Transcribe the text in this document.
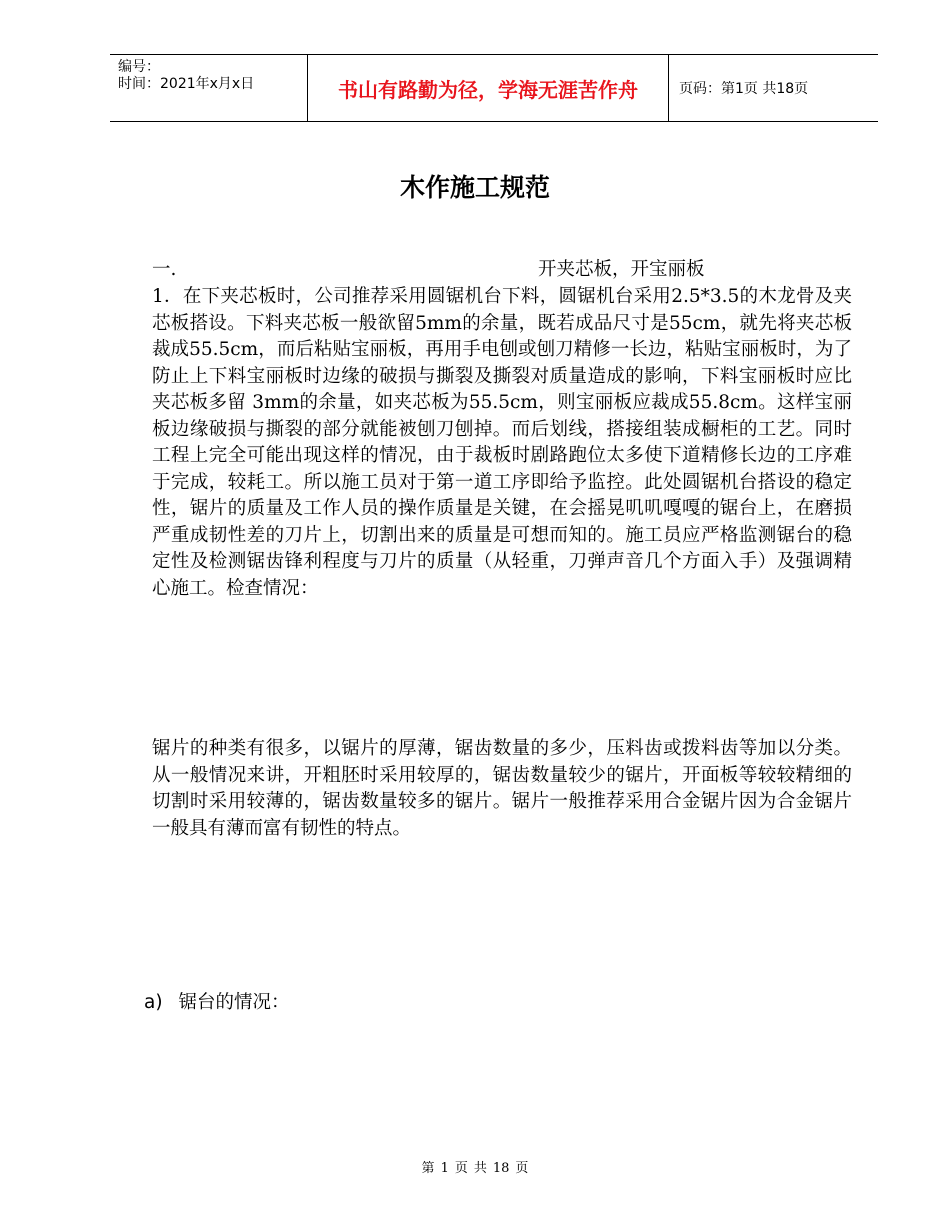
编号：
时间：2021年x月x日	书山有路勤为径，学海无涯苦作舟	页码：第1页 共18页
木作施工规范
一.	开夹芯板，开宝丽板

1．在下夹芯板时，公司推荐采用圆锯机台下料，圆锯机台采用2.5*3.5的木龙骨及夹芯板搭设。下料夹芯板一般欲留5mm的余量，既若成品尺寸是55cm，就先将夹芯板裁成55.5cm，而后粘贴宝丽板，再用手电刨或刨刀精修一长边，粘贴宝丽板时，为了防止上下料宝丽板时边缘的破损与撕裂及撕裂对质量造成的影响，下料宝丽板时应比夹芯板多留 3mm的余量，如夹芯板为55.5cm，则宝丽板应裁成55.8cm。这样宝丽板边缘破损与撕裂的部分就能被刨刀刨掉。而后划线，搭接组装成橱柜的工艺。同时工程上完全可能出现这样的情况，由于裁板时剧路跑位太多使下道精修长边的工序难于完成，较耗工。所以施工员对于第一道工序即给予监控。此处圆锯机台搭设的稳定性，锯片的质量及工作人员的操作质量是关键，在会摇晃叽叽嘎嘎的锯台上，在磨损严重成韧性差的刀片上，切割出来的质量是可想而知的。施工员应严格监测锯台的稳定性及检测锯齿锋利程度与刀片的质量（从轻重，刀弹声音几个方面入手）及强调精心施工。检查情况：

锯片的种类有很多，以锯片的厚薄，锯齿数量的多少，压料齿或拨料齿等加以分类。从一般情况来讲，开粗胚时采用较厚的，锯齿数量较少的锯片，开面板等较较精细的切割时采用较薄的，锯齿数量较多的锯片。锯片一般推荐采用合金锯片因为合金锯片一般具有薄而富有韧性的特点。

a) 锯台的情况：
第 1 页 共 18 页
